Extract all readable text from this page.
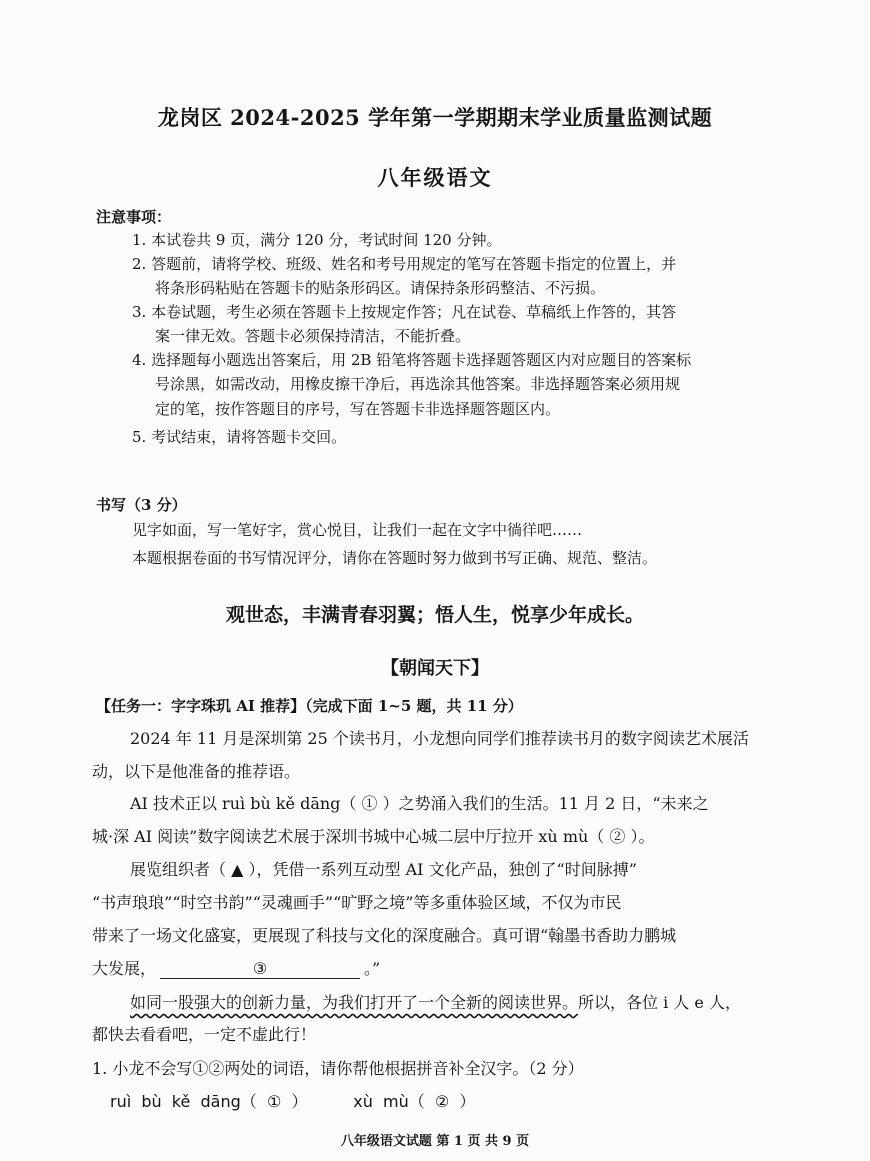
龙岗区 2024-2025 学年第一学期期末学业质量监测试题
八年级语文
注意事项：
1. 本试卷共 9 页，满分 120 分，考试时间 120 分钟。
2. 答题前，请将学校、班级、姓名和考号用规定的笔写在答题卡指定的位置上，并
将条形码粘贴在答题卡的贴条形码区。请保持条形码整洁、不污损。
3. 本卷试题，考生必须在答题卡上按规定作答；凡在试卷、草稿纸上作答的，其答
案一律无效。答题卡必须保持清洁，不能折叠。
4. 选择题每小题选出答案后，用 2B 铅笔将答题卡选择题答题区内对应题目的答案标
号涂黑，如需改动，用橡皮擦干净后，再选涂其他答案。非选择题答案必须用规
定的笔，按作答题目的序号，写在答题卡非选择题答题区内。
5. 考试结束，请将答题卡交回。
书写（3 分）
见字如面，写一笔好字，赏心悦目，让我们一起在文字中徜徉吧……
本题根据卷面的书写情况评分，请你在答题时努力做到书写正确、规范、整洁。
观世态，丰满青春羽翼；悟人生，悦享少年成长。
【朝闻天下】
【任务一：字字珠玑 AI 推荐】（完成下面 1~5 题，共 11 分）
2024 年 11 月是深圳第 25 个读书月，小龙想向同学们推荐读书月的数字阅读艺术展活
动，以下是他准备的推荐语。
AI 技术正以 ruì bù kě dāng（ ① ）之势涌入我们的生活。11 月 2 日，“未来之
城·深 AI 阅读”数字阅读艺术展于深圳书城中心城二层中厅拉开 xù mù（ ② ）。
展览组织者（ ▲ ），凭借一系列互动型 AI 文化产品，独创了“时间脉搏”
“书声琅琅”“时空书韵”“灵魂画手”“旷野之境”等多重体验区域，不仅为市民
带来了一场文化盛宴，更展现了科技与文化的深度融合。真可谓“翰墨书香助力鹏城
大发展，	③	。”
如同一股强大的创新力量，为我们打开了一个全新的阅读世界。所以，各位 i 人 e 人，
都快去看看吧，一定不虚此行！
1. 小龙不会写①②两处的词语，请你帮他根据拼音补全汉字。（2 分）
ruì  bù  kě  dāng（  ①  ）         xù  mù（  ②  ）
八年级语文试题 第 1 页 共 9 页
